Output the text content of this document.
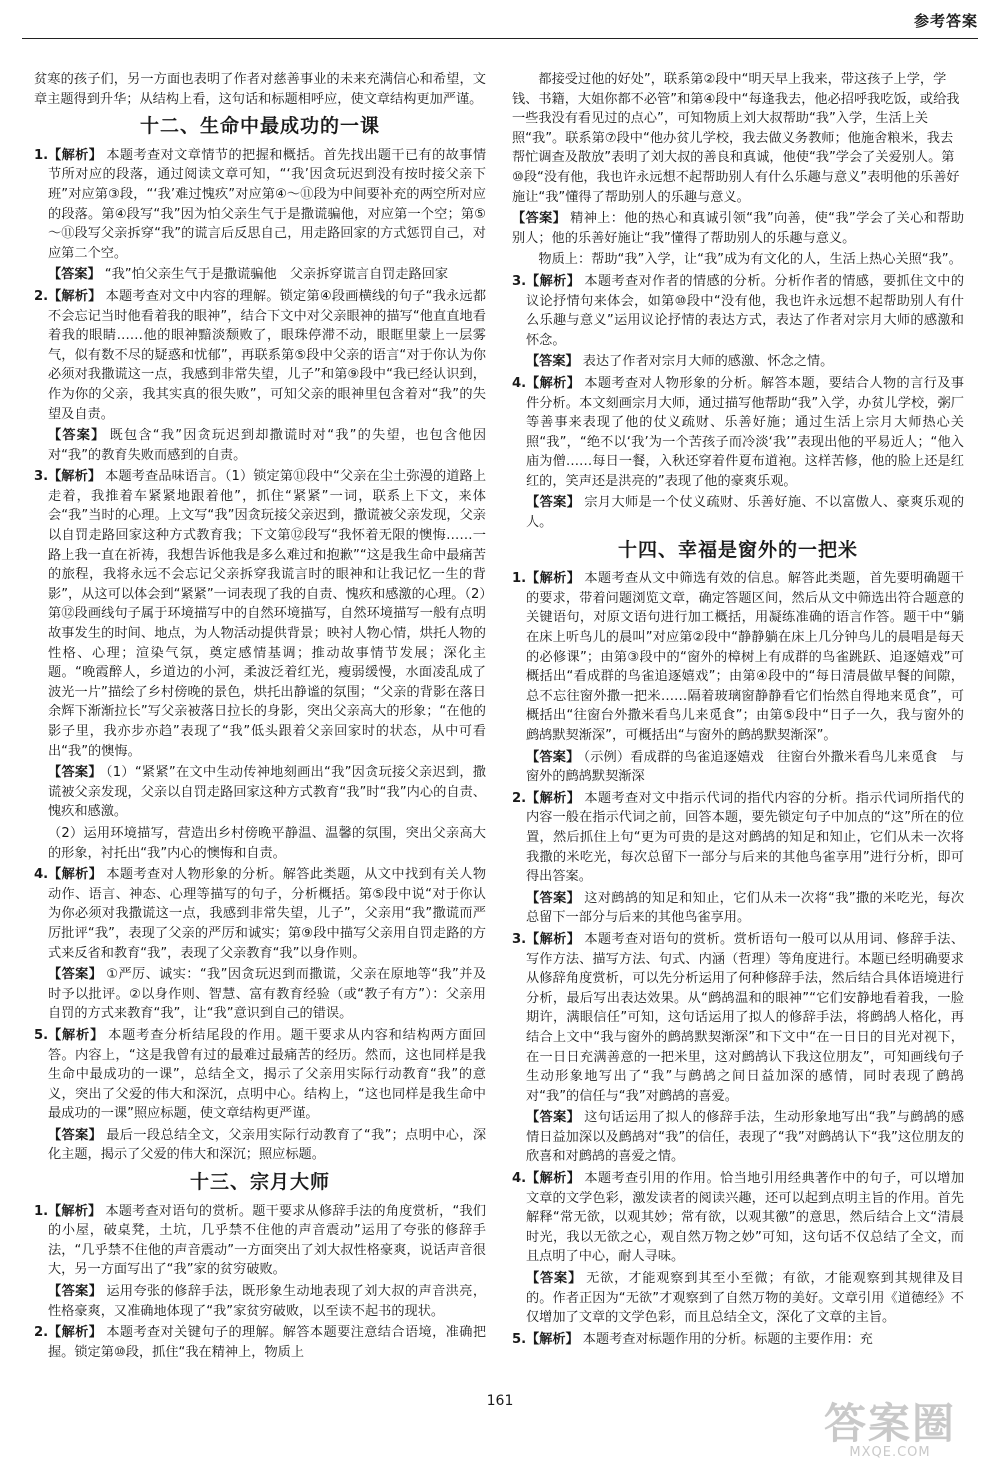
参考答案

贫寒的孩子们，另一方面也表明了作者对慈善事业的未来充满信心和希望，文章主题得到升华；从结构上看，这句话和标题相呼应，使文章结构更加严谨。

十二、生命中最成功的一课
1. 【解析】 本题考查对文章情节的把握和概括。首先找出题干已有的故事情节所对应的段落，通过阅读文章可知，“‘我’因贪玩迟到没有按时接父亲下班”对应第③段，“‘我’难过愧疚”对应第④～⑪段为中间要补充的两空所对应的段落。第④段写“我”因为怕父亲生气于是撒谎骗他，对应第一个空；第⑤～⑪段写父亲拆穿“我”的谎言后反思自己，用走路回家的方式惩罚自己，对应第二个空。

【答案】 “我”怕父亲生气于是撒谎骗他　父亲拆穿谎言自罚走路回家

2. 【解析】 本题考查对文中内容的理解。锁定第④段画横线的句子“我永远都不会忘记当时他看着我的眼神”，结合下文中对父亲眼神的描写“他直直地看着我的眼睛……他的眼神黯淡颓败了，眼珠停滞不动，眼眶里蒙上一层雾气，似有数不尽的疑惑和忧郁”，再联系第⑤段中父亲的语言“对于你认为你必须对我撒谎这一点，我感到非常失望，儿子”和第⑨段中“我已经认识到，作为你的父亲，我其实真的很失败”，可知父亲的眼神里包含着对“我”的失望及自责。

【答案】 既包含“我”因贪玩迟到却撒谎时对“我”的失望，也包含他因对“我”的教育失败而感到的自责。

3. 【解析】 本题考查品味语言。（1）锁定第⑪段中“父亲在尘土弥漫的道路上走着，我推着车紧紧地跟着他”，抓住“紧紧”一词，联系上下文，来体会“我”当时的心理。上文写“我”因贪玩接父亲迟到，撒谎被父亲发现，父亲以自罚走路回家这种方式教育我；下文第⑫段写“我怀着无限的懊悔……一路上我一直在祈祷，我想告诉他我是多么难过和抱歉”“这是我生命中最痛苦的旅程，我将永远不会忘记父亲拆穿我谎言时的眼神和让我记忆一生的背影”，从这可以体会到“紧紧”一词表现了我的自责、愧疚和感激的心理。（2）第⑫段画线句子属于环境描写中的自然环境描写，自然环境描写一般有点明故事发生的时间、地点，为人物活动提供背景；映衬人物心情，烘托人物的性格、心理；渲染气氛，奠定感情基调；推动故事情节发展；深化主题。“晚霞醉人，乡道边的小河，柔波泛着红光，瘦弱缓慢，水面凌乱成了波光一片”描绘了乡村傍晚的景色，烘托出静谧的氛围；“父亲的背影在落日余辉下渐渐拉长”写父亲被落日拉长的身影，突出父亲高大的形象；“在他的影子里，我亦步亦趋”表现了“我”低头跟着父亲回家时的状态，从中可看出“我”的懊悔。

【答案】 （1）“紧紧”在文中生动传神地刻画出“我”因贪玩接父亲迟到，撒谎被父亲发现，父亲以自罚走路回家这种方式教育“我”时“我”内心的自责、愧疚和感激。

（2）运用环境描写，营造出乡村傍晚平静温、温馨的氛围，突出父亲高大的形象，衬托出“我”内心的懊悔和自责。

4. 【解析】 本题考查对人物形象的分析。解答此类题，从文中找到有关人物动作、语言、神态、心理等描写的句子，分析概括。第⑤段中说“对于你认为你必须对我撒谎这一点，我感到非常失望，儿子”，父亲用“我”撒谎而严厉批评“我”，表现了父亲的严厉和诚实；第⑨段中描写父亲用自罚走路的方式来反省和教育“我”，表现了父亲教育“我”以身作则。

【答案】 ①严厉、诚实：“我”因贪玩迟到而撒谎，父亲在原地等“我”并及时予以批评。②以身作则、智慧、富有教育经验（或“教子有方”）：父亲用自罚的方式来教育“我”，让“我”意识到自己的错误。

5. 【解析】 本题考查分析结尾段的作用。题干要求从内容和结构两方面回答。内容上，“这是我曾有过的最难过最痛苦的经历。然而，这也同样是我生命中最成功的一课”，总结全文，揭示了父亲用实际行动教育“我”的意义，突出了父爱的伟大和深沉，点明中心。结构上，“这也同样是我生命中最成功的一课”照应标题，使文章结构更严谨。

【答案】 最后一段总结全文，父亲用实际行动教育了“我”；点明中心，深化主题，揭示了父爱的伟大和深沉；照应标题。

十三、宗月大师
1. 【解析】 本题考查对语句的赏析。题干要求从修辞手法的角度赏析，“我们的小屋，破桌凳，土坑，几乎禁不住他的声音震动”运用了夸张的修辞手法，“几乎禁不住他的声音震动”一方面突出了刘大叔性格豪爽，说话声音很大，另一方面写出了“我”家的贫穷破败。

【答案】 运用夸张的修辞手法，既形象生动地表现了刘大叔的声音洪亮，性格豪爽，又准确地体现了“我”家贫穷破败，以至读不起书的现状。

2. 【解析】 本题考查对关键句子的理解。解答本题要注意结合语境，准确把握。锁定第⑩段，抓住“我在精神上，物质上

都接受过他的好处”，联系第②段中“明天早上我来，带这孩子上学，学钱、书籍，大姐你都不必管”和第④段中“每逢我去，他必招呼我吃饭，或给我一些我没有看见过的点心”，可知物质上刘大叔帮助“我”入学，生活上关照“我”。联系第⑦段中“他办贫儿学校，我去做义务教师；他施舍粮米，我去帮忙调查及散放”表明了刘大叔的善良和真诚，他使“我”学会了关爱别人。第⑩段“没有他，我也许永远想不起帮助别人有什么乐趣与意义”表明他的乐善好施让“我”懂得了帮助别人的乐趣与意义。

【答案】 精神上：他的热心和真诚引领“我”向善，使“我”学会了关心和帮助别人；他的乐善好施让“我”懂得了帮助别人的乐趣与意义。

物质上：帮助“我”入学，让“我”成为有文化的人，生活上热心关照“我”。

3. 【解析】 本题考查对作者的情感的分析。分析作者的情感，要抓住文中的议论抒情句来体会，如第⑩段中“没有他，我也许永远想不起帮助别人有什么乐趣与意义”运用议论抒情的表达方式，表达了作者对宗月大师的感激和怀念。

【答案】 表达了作者对宗月大师的感激、怀念之情。

4. 【解析】 本题考查对人物形象的分析。解答本题，要结合人物的言行及事件分析。本文刻画宗月大师，通过描写他帮助“我”入学，办贫儿学校，粥厂等善事来表现了他的仗义疏财、乐善好施；通过生活上宗月大师热心关照“我”，“绝不以‘我’为一个苦孩子而冷淡‘我’”表现出他的平易近人；“他入庙为僧……每日一餐，入秋还穿着件夏布道袍。这样苦修，他的脸上还是红红的，笑声还是洪亮的”表现了他的豪爽乐观。

【答案】 宗月大师是一个仗义疏财、乐善好施、不以富傲人、豪爽乐观的人。

十四、幸福是窗外的一把米
1. 【解析】 本题考查从文中筛选有效的信息。解答此类题，首先要明确题干的要求，带着问题浏览文章，确定答题区间，然后从文中筛选出符合题意的关键语句，对原文语句进行加工概括，用凝练准确的语言作答。题干中“躺在床上听鸟儿的晨叫”对应第②段中“静静躺在床上几分钟鸟儿的晨唱是每天的必修课”；由第③段中的“窗外的樟树上有成群的鸟雀跳跃、追逐嬉戏”可概括出“看成群的鸟雀追逐嬉戏”；由第④段中的“每日清晨做早餐的间隙，总不忘往窗外撒一把米……隔着玻璃窗静静看它们怡然自得地来觅食”，可概括出“往窗台外撒米看鸟儿来觅食”；由第⑤段中“日子一久，我与窗外的鹧鸪默契渐深”，可概括出“与窗外的鹧鸪默契渐深”。

【答案】 （示例）看成群的鸟雀追逐嬉戏　往窗台外撒米看鸟儿来觅食　与窗外的鹧鸪默契渐深

2. 【解析】 本题考查对文中指示代词的指代内容的分析。指示代词所指代的内容一般在指示代词之前，回答本题，要先锁定句子中加点的“这”所在的位置，然后抓住上句“更为可贵的是这对鹧鸪的知足和知止，它们从未一次将我撒的米吃光，每次总留下一部分与后来的其他鸟雀享用”进行分析，即可得出答案。

【答案】 这对鹧鸪的知足和知止，它们从未一次将“我”撒的米吃光，每次总留下一部分与后来的其他鸟雀享用。

3. 【解析】 本题考查对语句的赏析。赏析语句一般可以从用词、修辞手法、写作方法、描写方法、句式、内涵（哲理）等角度进行。本题已经明确要求从修辞角度赏析，可以先分析运用了何种修辞手法，然后结合具体语境进行分析，最后写出表达效果。从“鹧鸪温和的眼神”“它们安静地看着我，一脸期许，满眼信任”可知，这句话运用了拟人的修辞手法，将鹧鸪人格化，再结合上文中“我与窗外的鹧鸪默契渐深”和下文中“在一日日的目光对视下，在一日日充满善意的一把米里，这对鹧鸪认下我这位朋友”，可知画线句子生动形象地写出了“我”与鹧鸪之间日益加深的感情，同时表现了鹧鸪对“我”的信任与“我”对鹧鸪的喜爱。

【答案】 这句话运用了拟人的修辞手法，生动形象地写出“我”与鹧鸪的感情日益加深以及鹧鸪对“我”的信任，表现了“我”对鹧鸪认下“我”这位朋友的欣喜和对鹧鸪的喜爱之情。

4. 【解析】 本题考查引用的作用。恰当地引用经典著作中的句子，可以增加文章的文学色彩，激发读者的阅读兴趣，还可以起到点明主旨的作用。首先解释“常无欲，以观其妙；常有欲，以观其徼”的意思，然后结合上文“清晨时光，我以无欲之心，观自然万物之妙”可知，这句话不仅总结了全文，而且点明了中心，耐人寻味。

【答案】 无欲，才能观察到其至小至微；有欲，才能观察到其规律及目的。作者正因为“无欲”才观察到了自然万物的美好。文章引用《道德经》不仅增加了文章的文学色彩，而且总结全文，深化了文章的主旨。

5. 【解析】 本题考查对标题作用的分析。标题的主要作用：充

161	答案圈
MXQE.COM
